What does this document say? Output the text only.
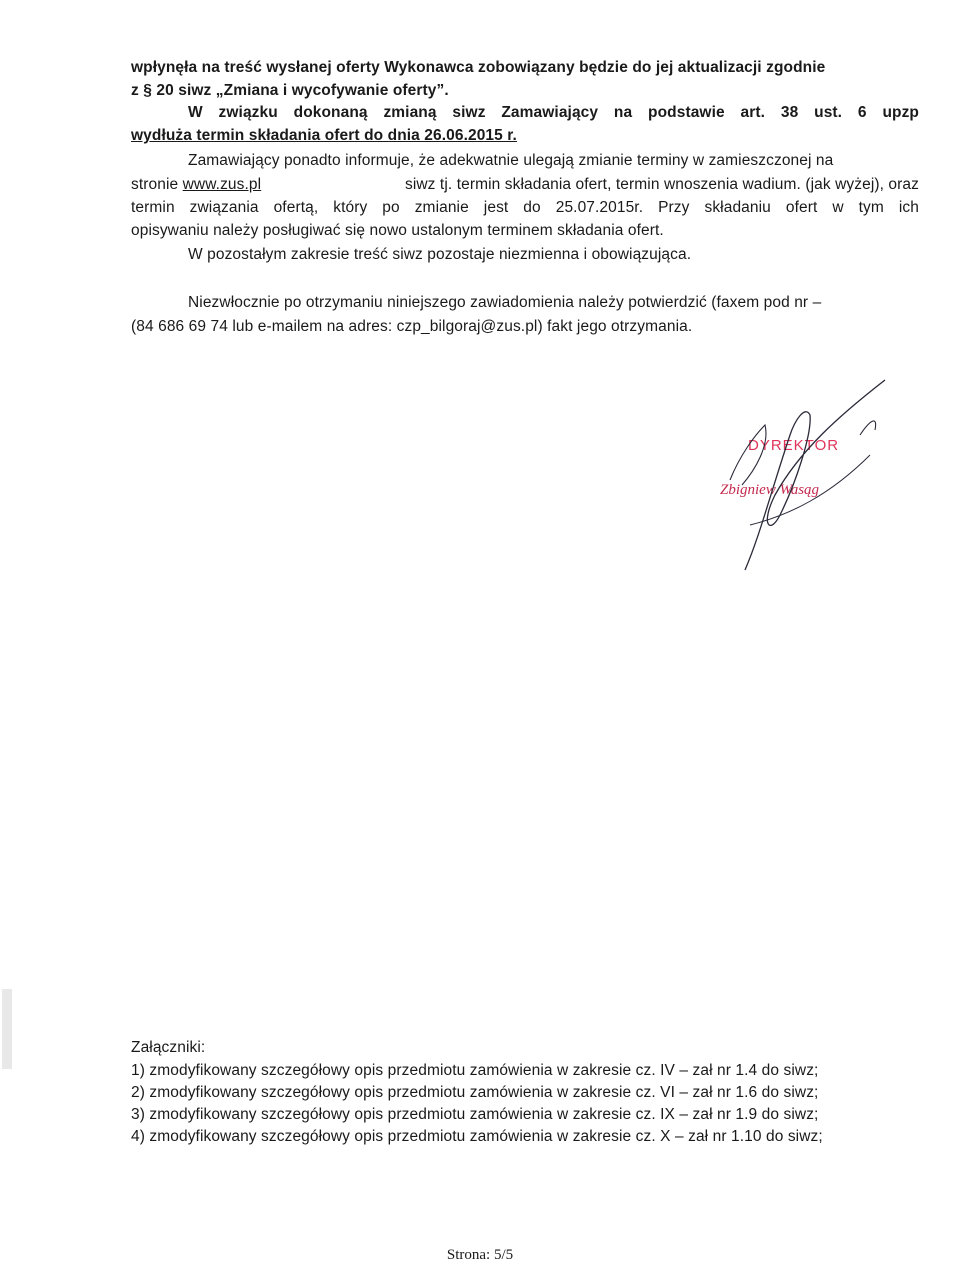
wpłynęła na treść wysłanej oferty Wykonawca zobowiązany będzie do jej aktualizacji zgodnie
z § 20 siwz „Zmiana i wycofywanie oferty”.
W związku dokonaną zmianą siwz Zamawiający na podstawie art. 38 ust. 6 upzp
wydłuża termin składania ofert do dnia 26.06.2015 r.
Zamawiający ponadto informuje, że adekwatnie ulegają zmianie terminy w zamieszczonej na
stronie www.zus.pl	siwz tj. termin składania ofert, termin wnoszenia wadium. (jak wyżej), oraz
termin związania ofertą, który po zmianie jest do 25.07.2015r. Przy składaniu ofert w tym ich
opisywaniu należy posługiwać się nowo ustalonym terminem składania ofert.
W pozostałym zakresie treść siwz pozostaje niezmienna i obowiązująca.
Niezwłocznie po otrzymaniu niniejszego zawiadomienia należy potwierdzić (faxem pod nr –
(84 686 69 74 lub e-mailem na adres: czp_bilgoraj@zus.pl) fakt jego otrzymania.
DYREKTOR
Zbigniew Wasąg
Załączniki:
1) zmodyfikowany szczegółowy opis przedmiotu zamówienia w zakresie cz. IV – zał nr 1.4 do siwz;
2) zmodyfikowany szczegółowy opis przedmiotu zamówienia w zakresie cz. VI – zał nr 1.6 do siwz;
3) zmodyfikowany szczegółowy opis przedmiotu zamówienia w zakresie cz. IX – zał nr 1.9 do siwz;
4) zmodyfikowany szczegółowy opis przedmiotu zamówienia w zakresie cz. X – zał nr 1.10 do siwz;
Strona: 5/5
